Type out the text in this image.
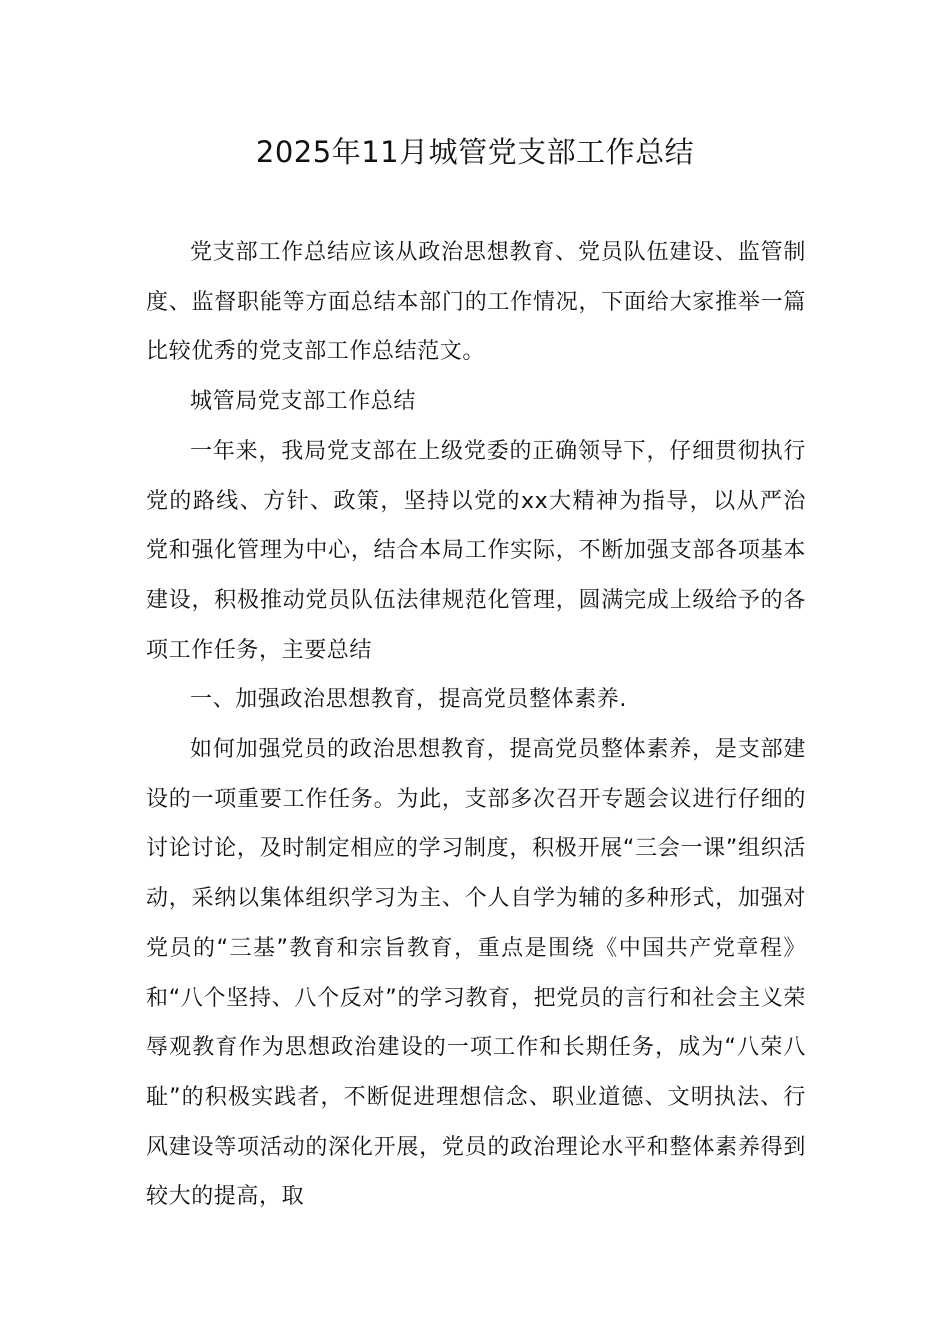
2025年11月城管党支部工作总结

党支部工作总结应该从政治思想教育、党员队伍建设、监管制度、监督职能等方面总结本部门的工作情况，下面给大家推举一篇比较优秀的党支部工作总结范文。

城管局党支部工作总结

一年来，我局党支部在上级党委的正确领导下，仔细贯彻执行党的路线、方针、政策，坚持以党的xx大精神为指导，以从严治党和强化管理为中心，结合本局工作实际，不断加强支部各项基本建设，积极推动党员队伍法律规范化管理，圆满完成上级给予的各项工作任务，主要总结

一、加强政治思想教育，提高党员整体素养.

如何加强党员的政治思想教育，提高党员整体素养，是支部建设的一项重要工作任务。为此，支部多次召开专题会议进行仔细的讨论讨论，及时制定相应的学习制度，积极开展“三会一课”组织活动，采纳以集体组织学习为主、个人自学为辅的多种形式，加强对党员的“三基”教育和宗旨教育，重点是围绕《中国共产党章程》和“八个坚持、八个反对”的学习教育，把党员的言行和社会主义荣辱观教育作为思想政治建设的一项工作和长期任务，成为“八荣八耻”的积极实践者，不断促进理想信念、职业道德、文明执法、行风建设等项活动的深化开展，党员的政治理论水平和整体素养得到较大的提高，取
